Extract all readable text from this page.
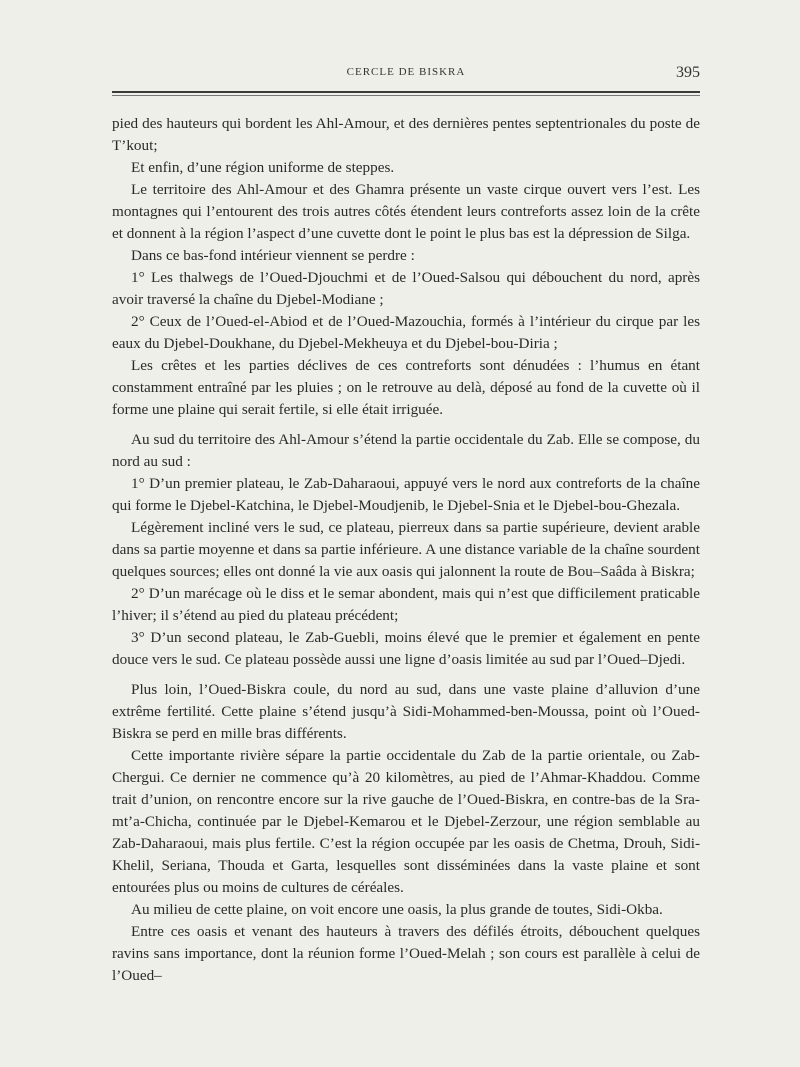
CERCLE DE BISKRA	395

pied des hauteurs qui bordent les Ahl-Amour, et des dernières pentes septentrionales du poste de T’kout;

Et enfin, d’une région uniforme de steppes.

Le territoire des Ahl-Amour et des Ghamra présente un vaste cirque ouvert vers l’est. Les montagnes qui l’entourent des trois autres côtés étendent leurs contreforts assez loin de la crête et donnent à la région l’aspect d’une cuvette dont le point le plus bas est la dépression de Silga.

Dans ce bas-fond intérieur viennent se perdre :

1° Les thalwegs de l’Oued-Djouchmi et de l’Oued-Salsou qui débouchent du nord, après avoir traversé la chaîne du Djebel-Modiane ;

2° Ceux de l’Oued-el-Abiod et de l’Oued-Mazouchia, formés à l’intérieur du cirque par les eaux du Djebel-Doukhane, du Djebel-Mekheuya et du Djebel-bou-Diria ;

Les crêtes et les parties déclives de ces contreforts sont dénudées : l’humus en étant constamment entraîné par les pluies ; on le retrouve au delà, déposé au fond de la cuvette où il forme une plaine qui serait fertile, si elle était irriguée.

Au sud du territoire des Ahl-Amour s’étend la partie occidentale du Zab. Elle se compose, du nord au sud :

1° D’un premier plateau, le Zab-Daharaoui, appuyé vers le nord aux contreforts de la chaîne qui forme le Djebel-Katchina, le Djebel-Moudjenib, le Djebel-Snia et le Djebel-bou-Ghezala.

Légèrement incliné vers le sud, ce plateau, pierreux dans sa partie supérieure, devient arable dans sa partie moyenne et dans sa partie inférieure. A une distance variable de la chaîne sourdent quelques sources; elles ont donné la vie aux oasis qui jalonnent la route de Bou–Saâda à Biskra;

2° D’un marécage où le diss et le semar abondent, mais qui n’est que difficilement praticable l’hiver; il s’étend au pied du plateau précédent;

3° D’un second plateau, le Zab-Guebli, moins élevé que le premier et également en pente douce vers le sud. Ce plateau possède aussi une ligne d’oasis limitée au sud par l’Oued–Djedi.

Plus loin, l’Oued-Biskra coule, du nord au sud, dans une vaste plaine d’alluvion d’une extrême fertilité. Cette plaine s’étend jusqu’à Sidi-Mohammed-ben-Moussa, point où l’Oued-Biskra se perd en mille bras différents.

Cette importante rivière sépare la partie occidentale du Zab de la partie orientale, ou Zab-Chergui. Ce dernier ne commence qu’à 20 kilomètres, au pied de l’Ahmar-Khaddou. Comme trait d’union, on rencontre encore sur la rive gauche de l’Oued-Biskra, en contre-bas de la Sra-mt’a-Chicha, continuée par le Djebel-Kemarou et le Djebel-Zerzour, une région semblable au Zab-Daharaoui, mais plus fertile. C’est la région occupée par les oasis de Chetma, Drouh, Sidi-Khelil, Seriana, Thouda et Garta, lesquelles sont disséminées dans la vaste plaine et sont entourées plus ou moins de cultures de céréales.

Au milieu de cette plaine, on voit encore une oasis, la plus grande de toutes, Sidi-Okba.

Entre ces oasis et venant des hauteurs à travers des défilés étroits, débouchent quelques ravins sans importance, dont la réunion forme l’Oued-Melah ; son cours est parallèle à celui de l’Oued–
